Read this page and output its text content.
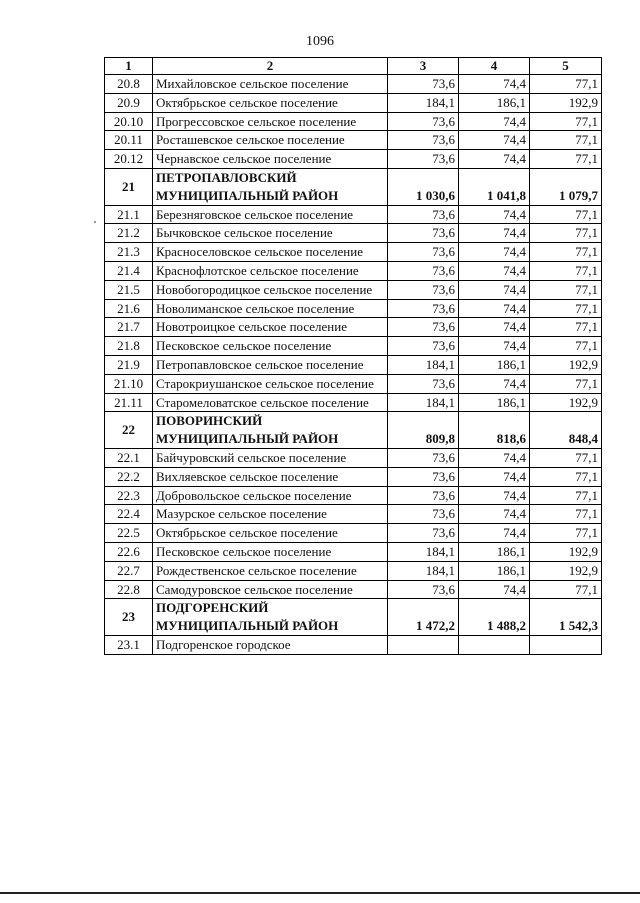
1096
1	2	3	4	5
20.8	Михайловское сельское поселение	73,6	74,4	77,1
20.9	Октябрьское сельское поселение	184,1	186,1	192,9
20.10	Прогрессовское сельское поселение	73,6	74,4	77,1
20.11	Росташевское сельское поселение	73,6	74,4	77,1
20.12	Чернавское сельское поселение	73,6	74,4	77,1
21	ПЕТРОПАВЛОВСКИЙ МУНИЦИПАЛЬНЫЙ РАЙОН	1 030,6	1 041,8	1 079,7
21.1	Березняговское сельское поселение	73,6	74,4	77,1
21.2	Бычковское сельское поселение	73,6	74,4	77,1
21.3	Красноселовское сельское поселение	73,6	74,4	77,1
21.4	Краснофлотское сельское поселение	73,6	74,4	77,1
21.5	Новобогородицкое сельское поселение	73,6	74,4	77,1
21.6	Новолиманское сельское поселение	73,6	74,4	77,1
21.7	Новотроицкое сельское поселение	73,6	74,4	77,1
21.8	Песковское сельское поселение	73,6	74,4	77,1
21.9	Петропавловское сельское поселение	184,1	186,1	192,9
21.10	Старокриушанское сельское поселение	73,6	74,4	77,1
21.11	Старомеловатское сельское поселение	184,1	186,1	192,9
22	ПОВОРИНСКИЙ МУНИЦИПАЛЬНЫЙ РАЙОН	809,8	818,6	848,4
22.1	Байчуровский сельское поселение	73,6	74,4	77,1
22.2	Вихляевское сельское поселение	73,6	74,4	77,1
22.3	Добровольское сельское поселение	73,6	74,4	77,1
22.4	Мазурское сельское поселение	73,6	74,4	77,1
22.5	Октябрьское сельское поселение	73,6	74,4	77,1
22.6	Песковское сельское поселение	184,1	186,1	192,9
22.7	Рождественское сельское поселение	184,1	186,1	192,9
22.8	Самодуровское сельское поселение	73,6	74,4	77,1
23	ПОДГОРЕНСКИЙ МУНИЦИПАЛЬНЫЙ РАЙОН	1 472,2	1 488,2	1 542,3
23.1	Подгоренское городское			
